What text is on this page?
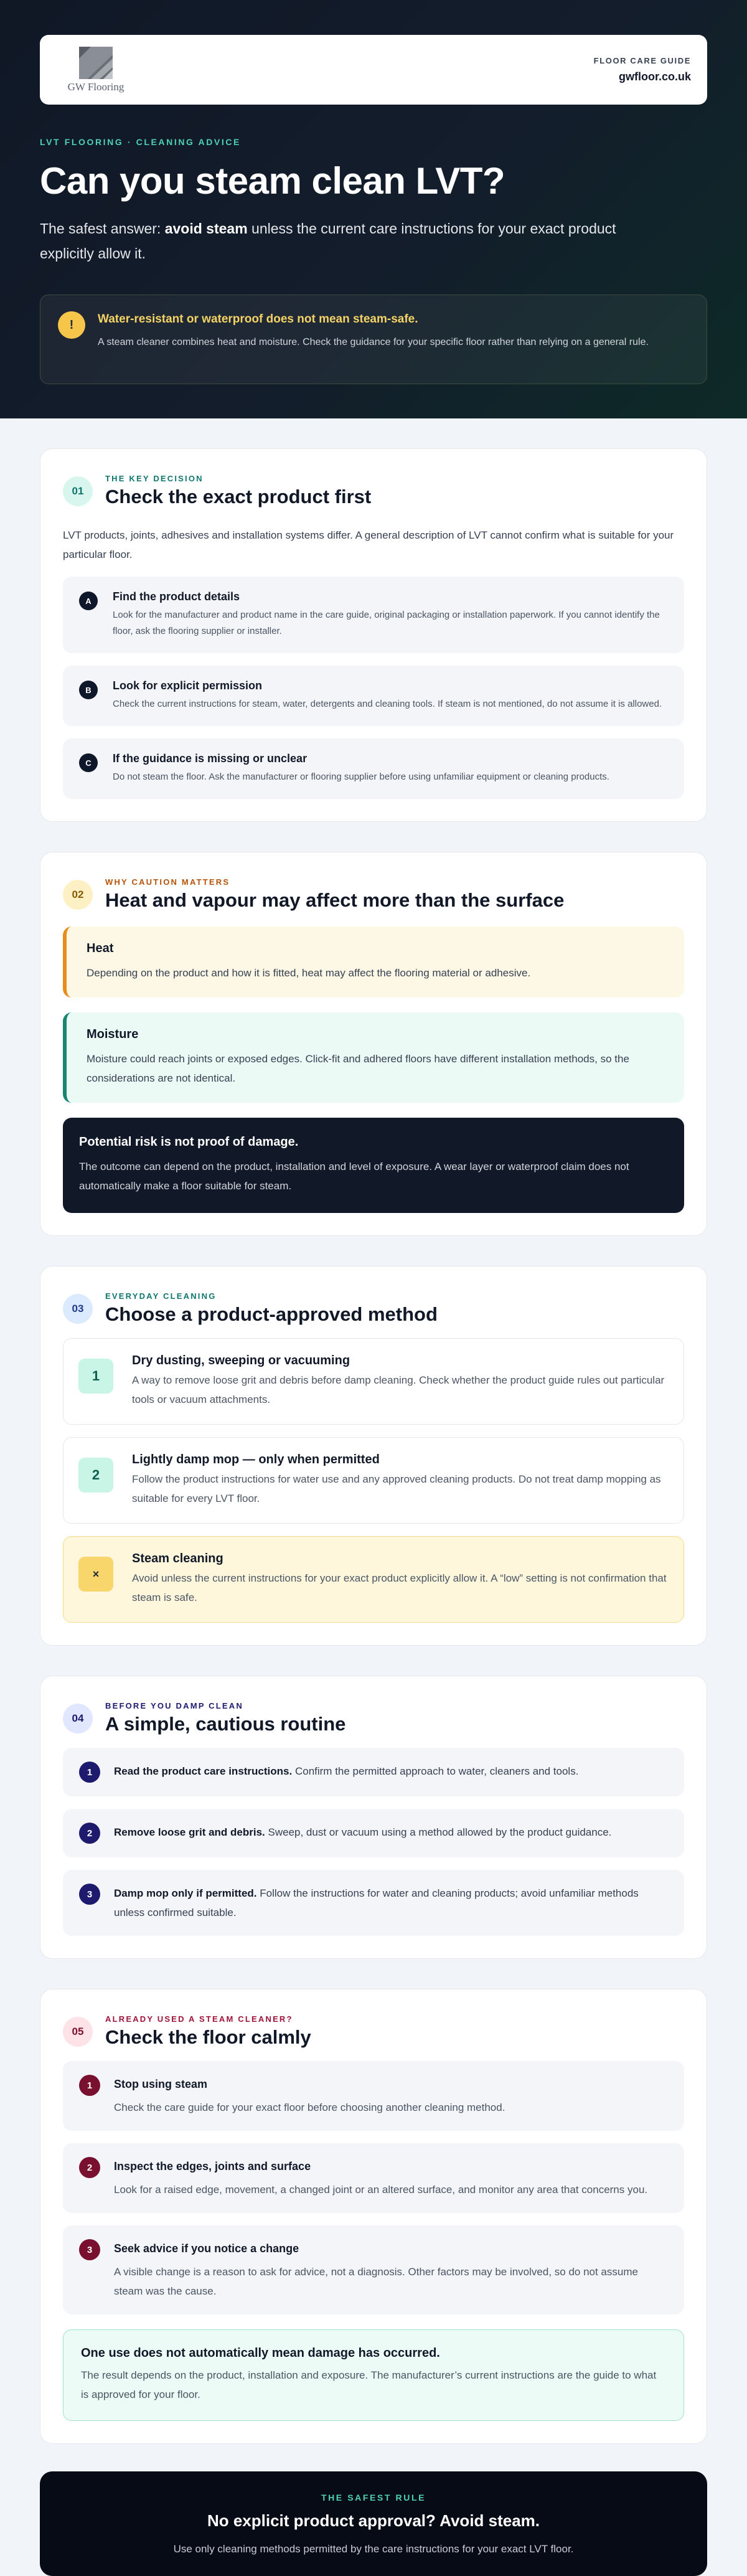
GW Flooring
FLOOR CARE GUIDE
gwfloor.co.uk
LVT FLOORING · CLEANING ADVICE
Can you steam clean LVT?

The safest answer: avoid steam unless the current care instructions for your exact product explicitly allow it.

!	Water-resistant or waterproof does not mean steam-safe.
A steam cleaner combines heat and moisture. Check the guidance for your specific floor rather than relying on a general rule.
01
THE KEY DECISION
Check the exact product first

LVT products, joints, adhesives and installation systems differ. A general description of LVT cannot confirm what is suitable for your particular floor.

A	Find the product details
Look for the manufacturer and product name in the care guide, original packaging or installation paperwork. If you cannot identify the floor, ask the flooring supplier or installer.
B	Look for explicit permission
Check the current instructions for steam, water, detergents and cleaning tools. If steam is not mentioned, do not assume it is allowed.
C	If the guidance is missing or unclear
Do not steam the floor. Ask the manufacturer or flooring supplier before using unfamiliar equipment or cleaning products.
02
WHY CAUTION MATTERS
Heat and vapour may affect more than the surface
Heat
Depending on the product and how it is fitted, heat may affect the flooring material or adhesive.
Moisture
Moisture could reach joints or exposed edges. Click-fit and adhered floors have different installation methods, so the considerations are not identical.
Potential risk is not proof of damage.
The outcome can depend on the product, installation and level of exposure. A wear layer or waterproof claim does not automatically make a floor suitable for steam.
03
EVERYDAY CLEANING
Choose a product-approved method
1
Dry dusting, sweeping or vacuuming
A way to remove loose grit and debris before damp cleaning. Check whether the product guide rules out particular tools or vacuum attachments.
2
Lightly damp mop — only when permitted
Follow the product instructions for water use and any approved cleaning products. Do not treat damp mopping as suitable for every LVT floor.
×
Steam cleaning
Avoid unless the current instructions for your exact product explicitly allow it. A “low” setting is not confirmation that steam is safe.
04
BEFORE YOU DAMP CLEAN
A simple, cautious routine
1	Read the product care instructions. Confirm the permitted approach to water, cleaners and tools.
2	Remove loose grit and debris. Sweep, dust or vacuum using a method allowed by the product guidance.
3	Damp mop only if permitted. Follow the instructions for water and cleaning products; avoid unfamiliar methods unless confirmed suitable.
05
ALREADY USED A STEAM CLEANER?
Check the floor calmly
1	Stop using steam
Check the care guide for your exact floor before choosing another cleaning method.
2	Inspect the edges, joints and surface
Look for a raised edge, movement, a changed joint or an altered surface, and monitor any area that concerns you.
3	Seek advice if you notice a change
A visible change is a reason to ask for advice, not a diagnosis. Other factors may be involved, so do not assume steam was the cause.
One use does not automatically mean damage has occurred.
The result depends on the product, installation and exposure. The manufacturer’s current instructions are the guide to what is approved for your floor.
THE SAFEST RULE
No explicit product approval? Avoid steam.
Use only cleaning methods permitted by the care instructions for your exact LVT floor.
